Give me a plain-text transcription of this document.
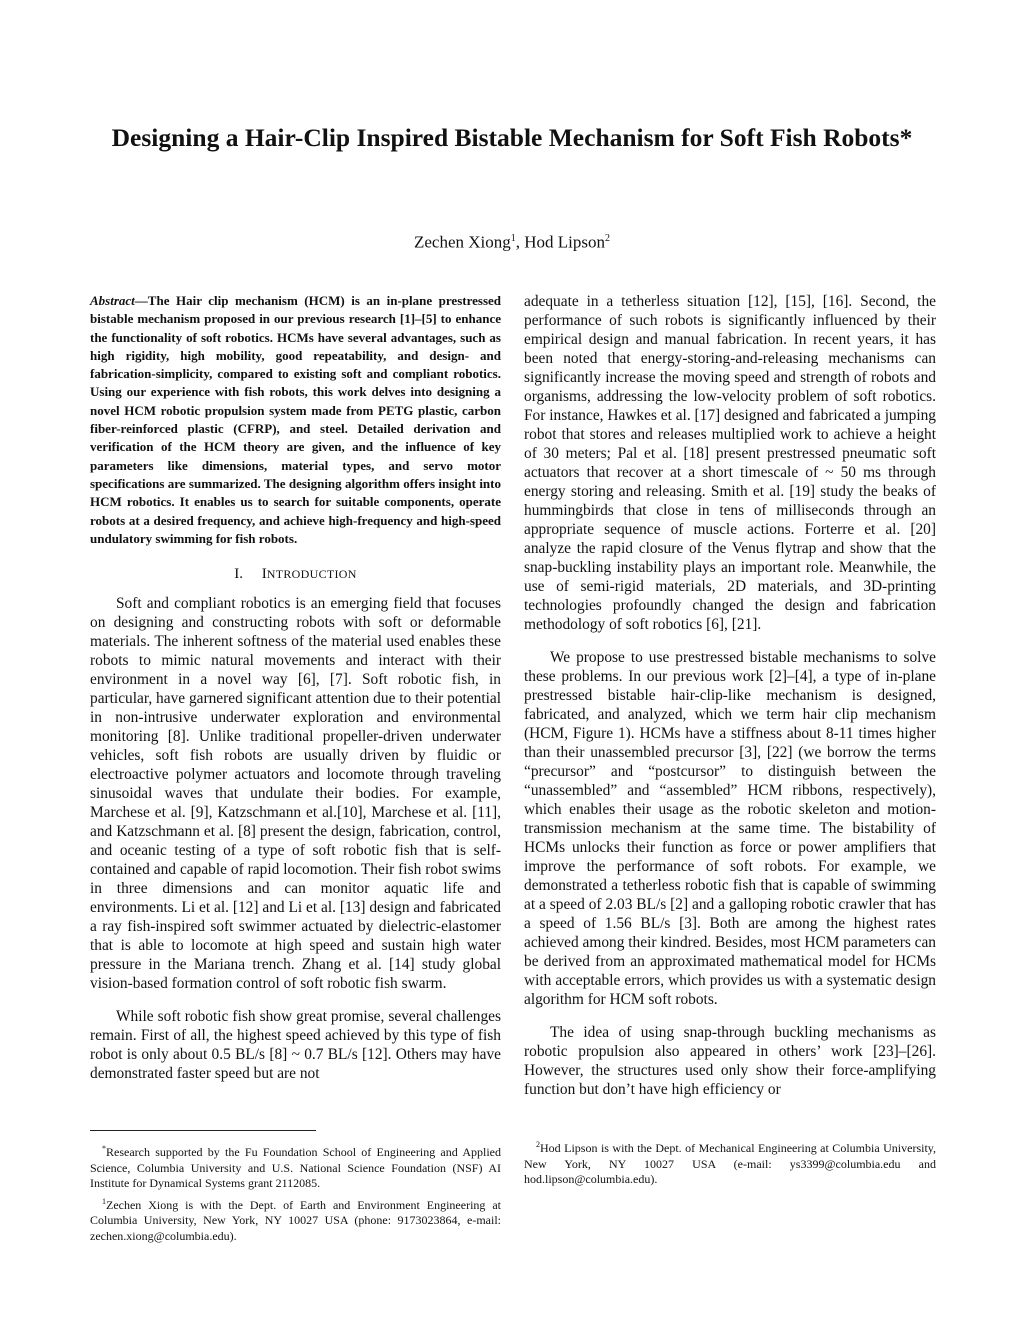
Designing a Hair-Clip Inspired Bistable Mechanism for Soft Fish Robots*

Zechen Xiong$^1$, Hod Lipson$^2$

Abstract—The Hair clip mechanism (HCM) is an in-plane prestressed bistable mechanism proposed in our previous research [1]–[5] to enhance the functionality of soft robotics. HCMs have several advantages, such as high rigidity, high mobility, good repeatability, and design- and fabrication-simplicity, compared to existing soft and compliant robotics. Using our experience with fish robots, this work delves into designing a novel HCM robotic propulsion system made from PETG plastic, carbon fiber-reinforced plastic (CFRP), and steel. Detailed derivation and verification of the HCM theory are given, and the influence of key parameters like dimensions, material types, and servo motor specifications are summarized. The designing algorithm offers insight into HCM robotics. It enables us to search for suitable components, operate robots at a desired frequency, and achieve high-frequency and high-speed undulatory swimming for fish robots.

I. INTRODUCTION

Soft and compliant robotics is an emerging field that focuses on designing and constructing robots with soft or deformable materials. The inherent softness of the material used enables these robots to mimic natural movements and interact with their environment in a novel way [6], [7]. Soft robotic fish, in particular, have garnered significant attention due to their potential in non-intrusive underwater exploration and environmental monitoring [8]. Unlike traditional propeller-driven underwater vehicles, soft fish robots are usually driven by fluidic or electroactive polymer actuators and locomote through traveling sinusoidal waves that undulate their bodies. For example, Marchese et al. [9], Katzschmann et al.[10], Marchese et al. [11], and Katzschmann et al. [8] present the design, fabrication, control, and oceanic testing of a type of soft robotic fish that is self-contained and capable of rapid locomotion. Their fish robot swims in three dimensions and can monitor aquatic life and environments. Li et al. [12] and Li et al. [13] design and fabricated a ray fish-inspired soft swimmer actuated by dielectric-elastomer that is able to locomote at high speed and sustain high water pressure in the Mariana trench. Zhang et al. [14] study global vision-based formation control of soft robotic fish swarm.

While soft robotic fish show great promise, several challenges remain. First of all, the highest speed achieved by this type of fish robot is only about 0.5 BL/s [8] ~ 0.7 BL/s [12]. Others may have demonstrated faster speed but are not

adequate in a tetherless situation [12], [15], [16]. Second, the performance of such robots is significantly influenced by their empirical design and manual fabrication. In recent years, it has been noted that energy-storing-and-releasing mechanisms can significantly increase the moving speed and strength of robots and organisms, addressing the low-velocity problem of soft robotics. For instance, Hawkes et al. [17] designed and fabricated a jumping robot that stores and releases multiplied work to achieve a height of 30 meters; Pal et al. [18] present prestressed pneumatic soft actuators that recover at a short timescale of ~ 50 ms through energy storing and releasing. Smith et al. [19] study the beaks of hummingbirds that close in tens of milliseconds through an appropriate sequence of muscle actions. Forterre et al. [20] analyze the rapid closure of the Venus flytrap and show that the snap-buckling instability plays an important role. Meanwhile, the use of semi-rigid materials, 2D materials, and 3D-printing technologies profoundly changed the design and fabrication methodology of soft robotics [6], [21].

We propose to use prestressed bistable mechanisms to solve these problems. In our previous work [2]–[4], a type of in-plane prestressed bistable hair-clip-like mechanism is designed, fabricated, and analyzed, which we term hair clip mechanism (HCM, Figure 1). HCMs have a stiffness about 8-11 times higher than their unassembled precursor [3], [22] (we borrow the terms “precursor” and “postcursor” to distinguish between the “unassembled” and “assembled” HCM ribbons, respectively), which enables their usage as the robotic skeleton and motion-transmission mechanism at the same time. The bistability of HCMs unlocks their function as force or power amplifiers that improve the performance of soft robots. For example, we demonstrated a tetherless robotic fish that is capable of swimming at a speed of 2.03 BL/s [2] and a galloping robotic crawler that has a speed of 1.56 BL/s [3]. Both are among the highest rates achieved among their kindred. Besides, most HCM parameters can be derived from an approximated mathematical model for HCMs with acceptable errors, which provides us with a systematic design algorithm for HCM soft robots.

The idea of using snap-through buckling mechanisms as robotic propulsion also appeared in others’ work [23]–[26]. However, the structures used only show their force-amplifying function but don’t have high efficiency or

*Research supported by the Fu Foundation School of Engineering and Applied Science, Columbia University and U.S. National Science Foundation (NSF) AI Institute for Dynamical Systems grant 2112085.

$^1$Zechen Xiong is with the Dept. of Earth and Environment Engineering at Columbia University, New York, NY 10027 USA (phone: 9173023864, e-mail: zechen.xiong@columbia.edu).

$^2$Hod Lipson is with the Dept. of Mechanical Engineering at Columbia University, New York, NY 10027 USA (e-mail: ys3399@columbia.edu and hod.lipson@columbia.edu).
